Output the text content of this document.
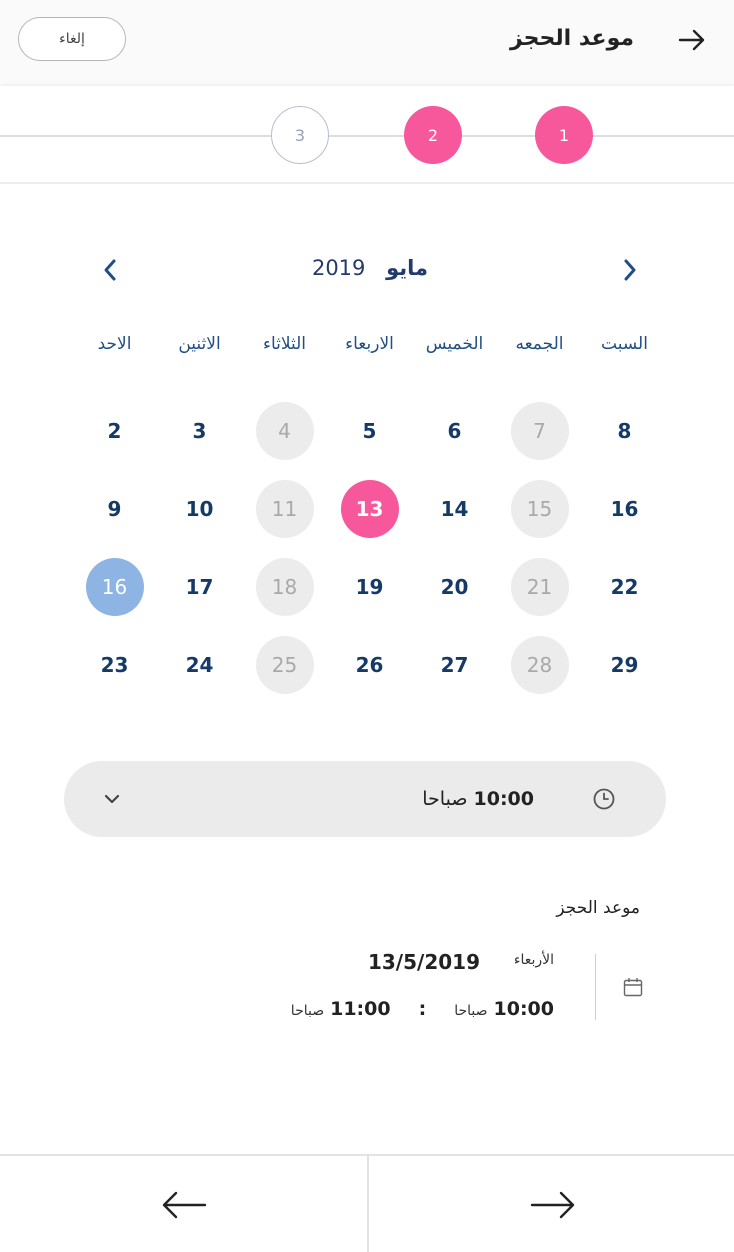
موعد الحجز
إلغاء
1
2
3
مايو 2019
السبت
الجمعه
الخميس
الاربعاء
الثلاثاء
الاثنين
الاحد
8
7
6
5
4
3
2
16
15
14
13
11
10
9
22
21
20
19
18
17
16
29
28
27
26
25
24
23
10:00 صباحا
موعد الحجز
الأربعاء
13/5/2019
10:00
صباحا
:
11:00
صباحا
